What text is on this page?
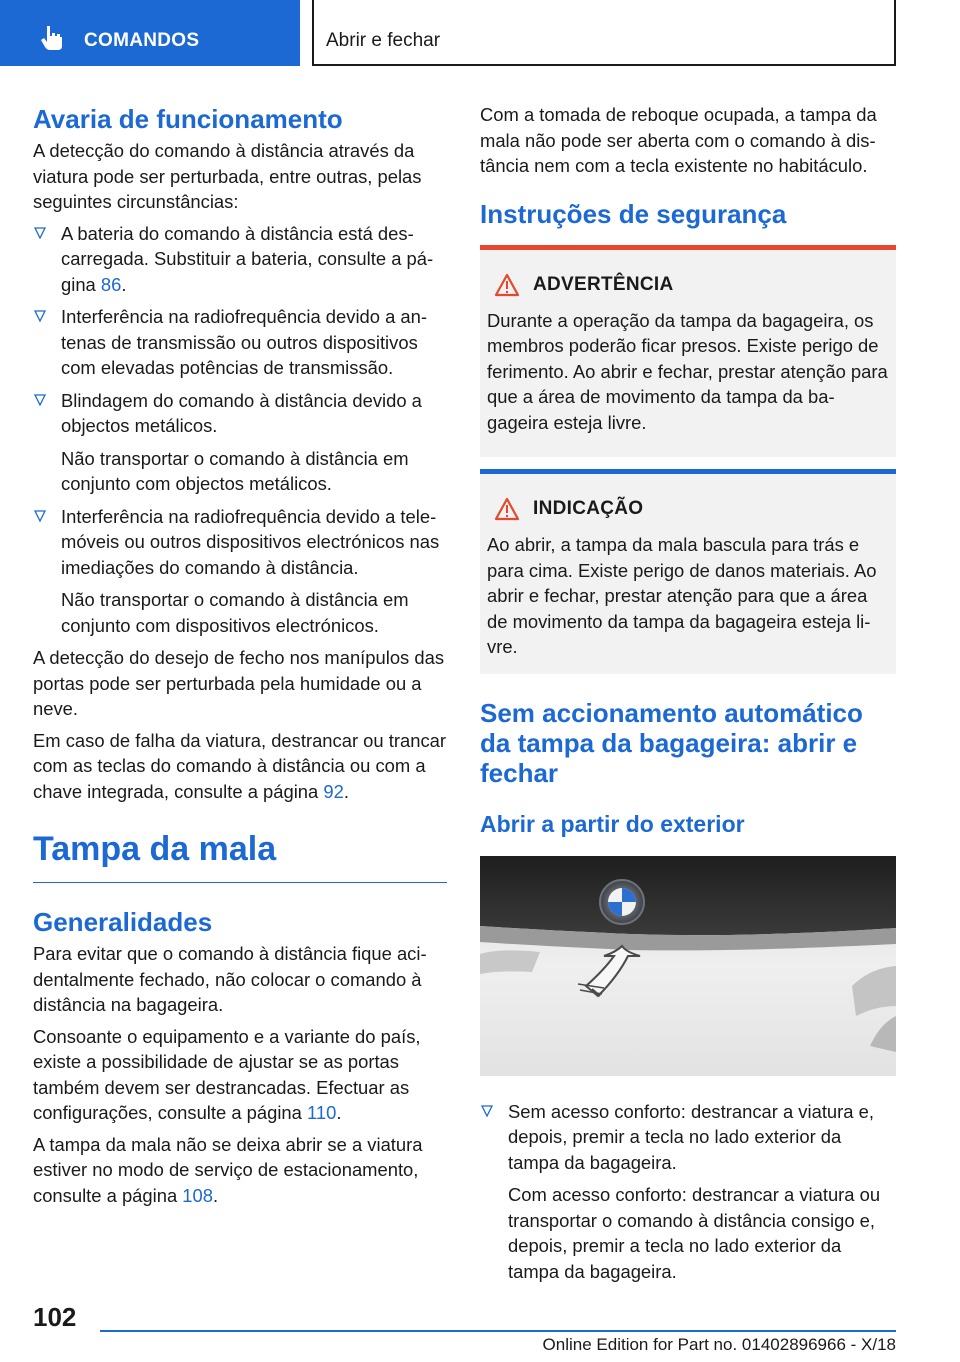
COMANDOS	Abrir e fechar
Avaria de funcionamento

A detecção do comando à distância através da viatura pode ser perturbada, entre outras, pelas seguintes circunstâncias:

A bateria do comando à distância está descarregada. Substituir a bateria, consulte a página 86.
Interferência na radiofrequência devido a antenas de transmissão ou outros dispositivos com elevadas potências de transmissão.
Blindagem do comando à distância devido a objectos metálicos.
Não transportar o comando à distância em conjunto com objectos metálicos.
Interferência na radiofrequência devido a telemóveis ou outros dispositivos electrónicos nas imediações do comando à distância.
Não transportar o comando à distância em conjunto com dispositivos electrónicos.

A detecção do desejo de fecho nos manípulos das portas pode ser perturbada pela humidade ou a neve.

Em caso de falha da viatura, destrancar ou trancar com as teclas do comando à distância ou com a chave integrada, consulte a página 92.

Tampa da mala
Generalidades

Para evitar que o comando à distância fique acidentalmente fechado, não colocar o comando à distância na bagageira.

Consoante o equipamento e a variante do país, existe a possibilidade de ajustar se as portas também devem ser destrancadas. Efectuar as configurações, consulte a página 110.

A tampa da mala não se deixa abrir se a viatura estiver no modo de serviço de estacionamento, consulte a página 108.

Com a tomada de reboque ocupada, a tampa da mala não pode ser aberta com o comando à distância nem com a tecla existente no habitáculo.

Instruções de segurança
ADVERTÊNCIA

Durante a operação da tampa da bagageira, os membros poderão ficar presos. Existe perigo de ferimento. Ao abrir e fechar, prestar atenção para que a área de movimento da tampa da bagageira esteja livre.

INDICAÇÃO

Ao abrir, a tampa da mala bascula para trás e para cima. Existe perigo de danos materiais. Ao abrir e fechar, prestar atenção para que a área de movimento da tampa da bagageira esteja livre.

Sem accionamento automático da tampa da bagageira: abrir e fechar
Abrir a partir do exterior
Sem acesso conforto: destrancar a viatura e, depois, premir a tecla no lado exterior da tampa da bagageira.
Com acesso conforto: destrancar a viatura ou transportar o comando à distância consigo e, depois, premir a tecla no lado exterior da tampa da bagageira.
102
Online Edition for Part no. 01402896966 - X/18
